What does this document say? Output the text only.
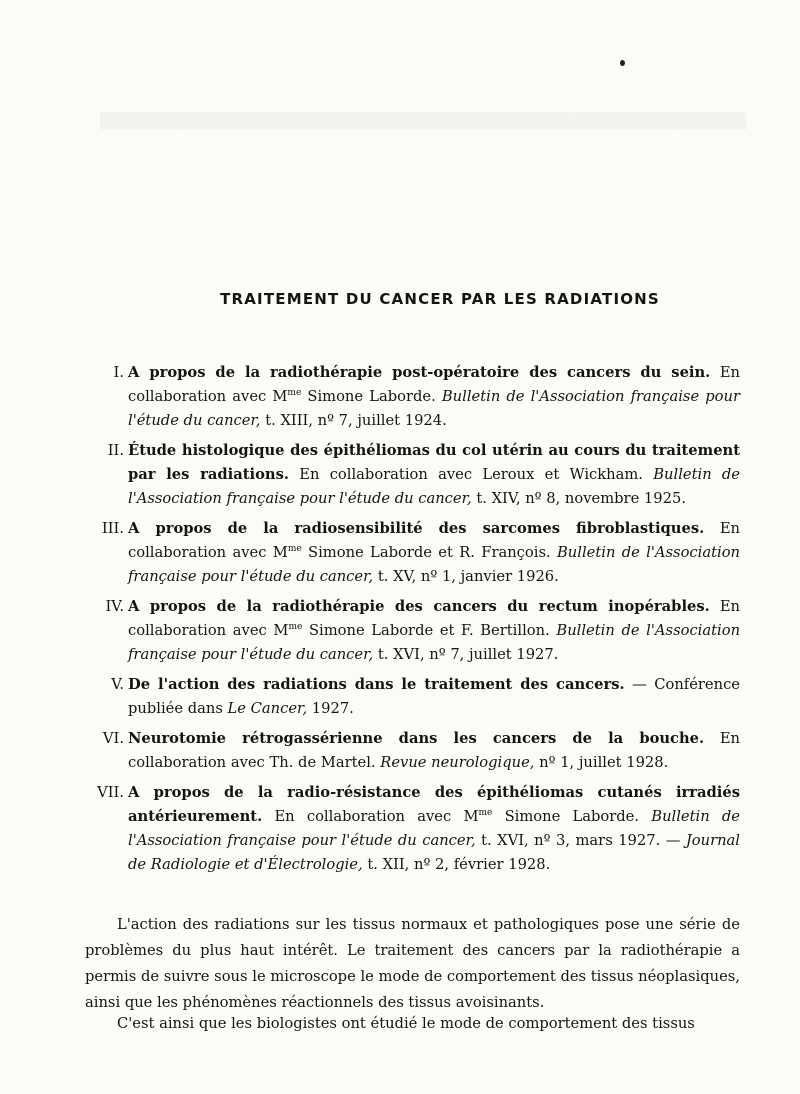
▒▒▒▒▒▒▒▒▒▒▒▒▒▒▒▒▒▒▒▒▒▒▒▒▒▒▒▒▒▒▒▒▒▒▒▒▒▒▒▒▒▒▒▒▒▒▒▒▒▒▒▒▒▒▒▒
TRAITEMENT DU CANCER PAR LES RADIATIONS
I. A propos de la radiothérapie post-opératoire des cancers du sein. En collaboration avec $M^{me}$ Simone Laborde. Bulletin de l'Association française pour l'étude du cancer, t. XIII, nº 7, juillet 1924.
II. Étude histologique des épithéliomas du col utérin au cours du traitement par les radiations. En collaboration avec Leroux et Wickham. Bulletin de l'Association française pour l'étude du cancer, t. XIV, nº 8, novembre 1925.
III. A propos de la radiosensibilité des sarcomes fibroblastiques. En collaboration avec $M^{me}$ Simone Laborde et R. François. Bulletin de l'Association française pour l'étude du cancer, t. XV, nº 1, janvier 1926.
IV. A propos de la radiothérapie des cancers du rectum inopérables. En collaboration avec $M^{me}$ Simone Laborde et F. Bertillon. Bulletin de l'Association française pour l'étude du cancer, t. XVI, nº 7, juillet 1927.
V. De l'action des radiations dans le traitement des cancers. — Conférence publiée dans Le Cancer, 1927.
VI. Neurotomie rétrogassérienne dans les cancers de la bouche. En collaboration avec Th. de Martel. Revue neurologique, nº 1, juillet 1928.
VII. A propos de la radio-résistance des épithéliomas cutanés irradiés antérieurement. En collaboration avec $M^{me}$ Simone Laborde. Bulletin de l'Association française pour l'étude du cancer, t. XVI, nº 3, mars 1927. — Journal de Radiologie et d'Électrologie, t. XII, nº 2, février 1928.

L'action des radiations sur les tissus normaux et pathologiques pose une série de problèmes du plus haut intérêt. Le traitement des cancers par la radiothérapie a permis de suivre sous le microscope le mode de comportement des tissus néoplasiques, ainsi que les phénomènes réactionnels des tissus avoisinants.

C'est ainsi que les biologistes ont étudié le mode de comportement des tissus
